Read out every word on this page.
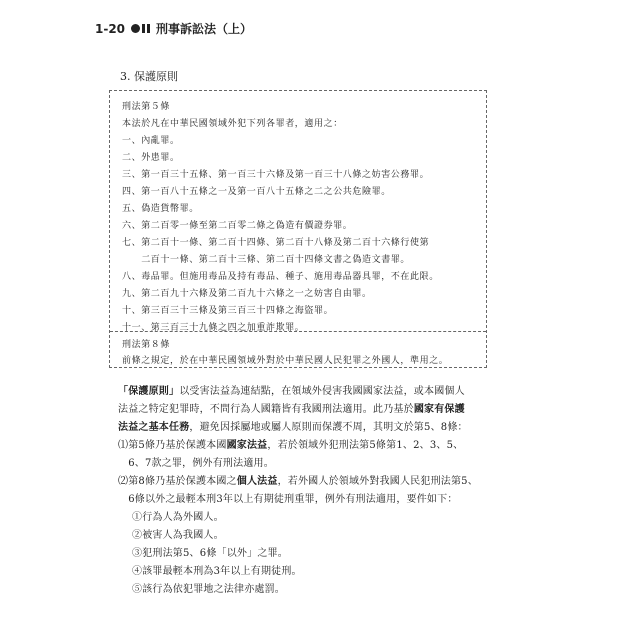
1-20	刑事訴訟法（上）
3. 保護原則
刑法第５條
本法於凡在中華民國領域外犯下列各罪者，適用之：
一、內亂罪。
二、外患罪。
三、第一百三十五條、第一百三十六條及第一百三十八條之妨害公務罪。
四、第一百八十五條之一及第一百八十五條之二之公共危險罪。
五、偽造貨幣罪。
六、第二百零一條至第二百零二條之偽造有價證券罪。
七、第二百十一條、第二百十四條、第二百十八條及第二百十六條行使第
　　二百十一條、第二百十三條、第二百十四條文書之偽造文書罪。
八、毒品罪。但施用毒品及持有毒品、種子、施用毒品器具罪，不在此限。
九、第二百九十六條及第二百九十六條之一之妨害自由罪。
十、第三百三十三條及第三百三十四條之海盜罪。
十一、第三百三十九條之四之加重詐欺罪。
刑法第８條
前條之規定，於在中華民國領域外對於中華民國人民犯罪之外國人，準用之。
「保護原則」以受害法益為連結點，在領域外侵害我國國家法益，或本國個人
法益之特定犯罪時，不問行為人國籍皆有我國刑法適用。此乃基於國家有保護
法益之基本任務，避免因採屬地或屬人原則而保護不周，其明文於第5、8條：
⑴第5條乃基於保護本國國家法益，若於領域外犯刑法第5條第1、2、3、5、
　6、7款之罪，例外有刑法適用。
⑵第8條乃基於保護本國之個人法益，若外國人於領域外對我國人民犯刑法第5、
　6條以外之最輕本刑3年以上有期徒刑重罪，例外有刑法適用，要件如下：
①行為人為外國人。
②被害人為我國人。
③犯刑法第5、6條「以外」之罪。
④該罪最輕本刑為3年以上有期徒刑。
⑤該行為依犯罪地之法律亦處罰。
